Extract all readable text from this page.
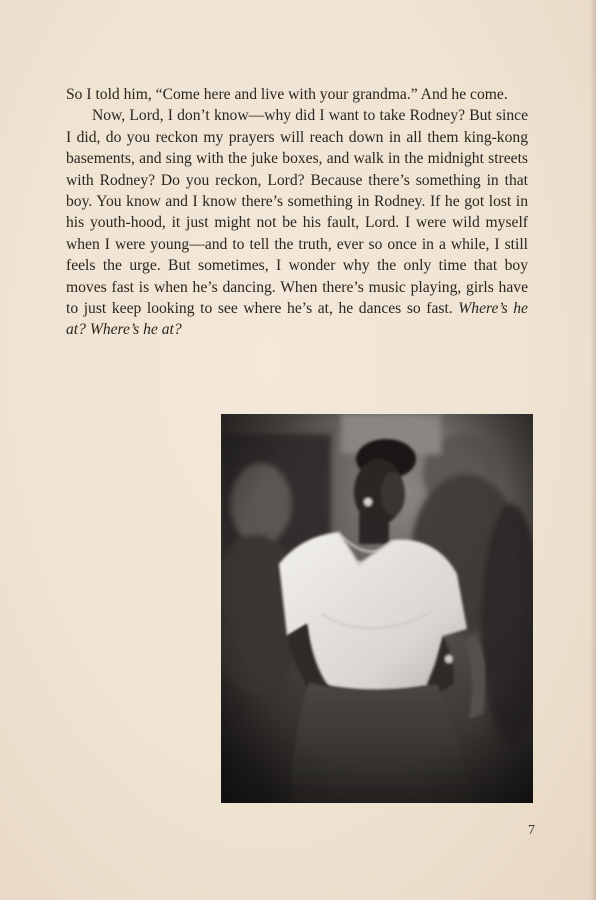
So I told him, “Come here and live with your grandma.” And he come.

Now, Lord, I don’t know—why did I want to take Rodney? But since I did, do you reckon my prayers will reach down in all them king-kong basements, and sing with the juke boxes, and walk in the midnight streets with Rodney? Do you reckon, Lord? Because there’s something in that boy. You know and I know there’s something in Rodney. If he got lost in his youth-hood, it just might not be his fault, Lord. I were wild myself when I were young—and to tell the truth, ever so once in a while, I still feels the urge. But sometimes, I wonder why the only time that boy moves fast is when he’s dancing. When there’s music playing, girls have to just keep looking to see where he’s at, he dances so fast. Where’s he at? Where’s he at?

7
